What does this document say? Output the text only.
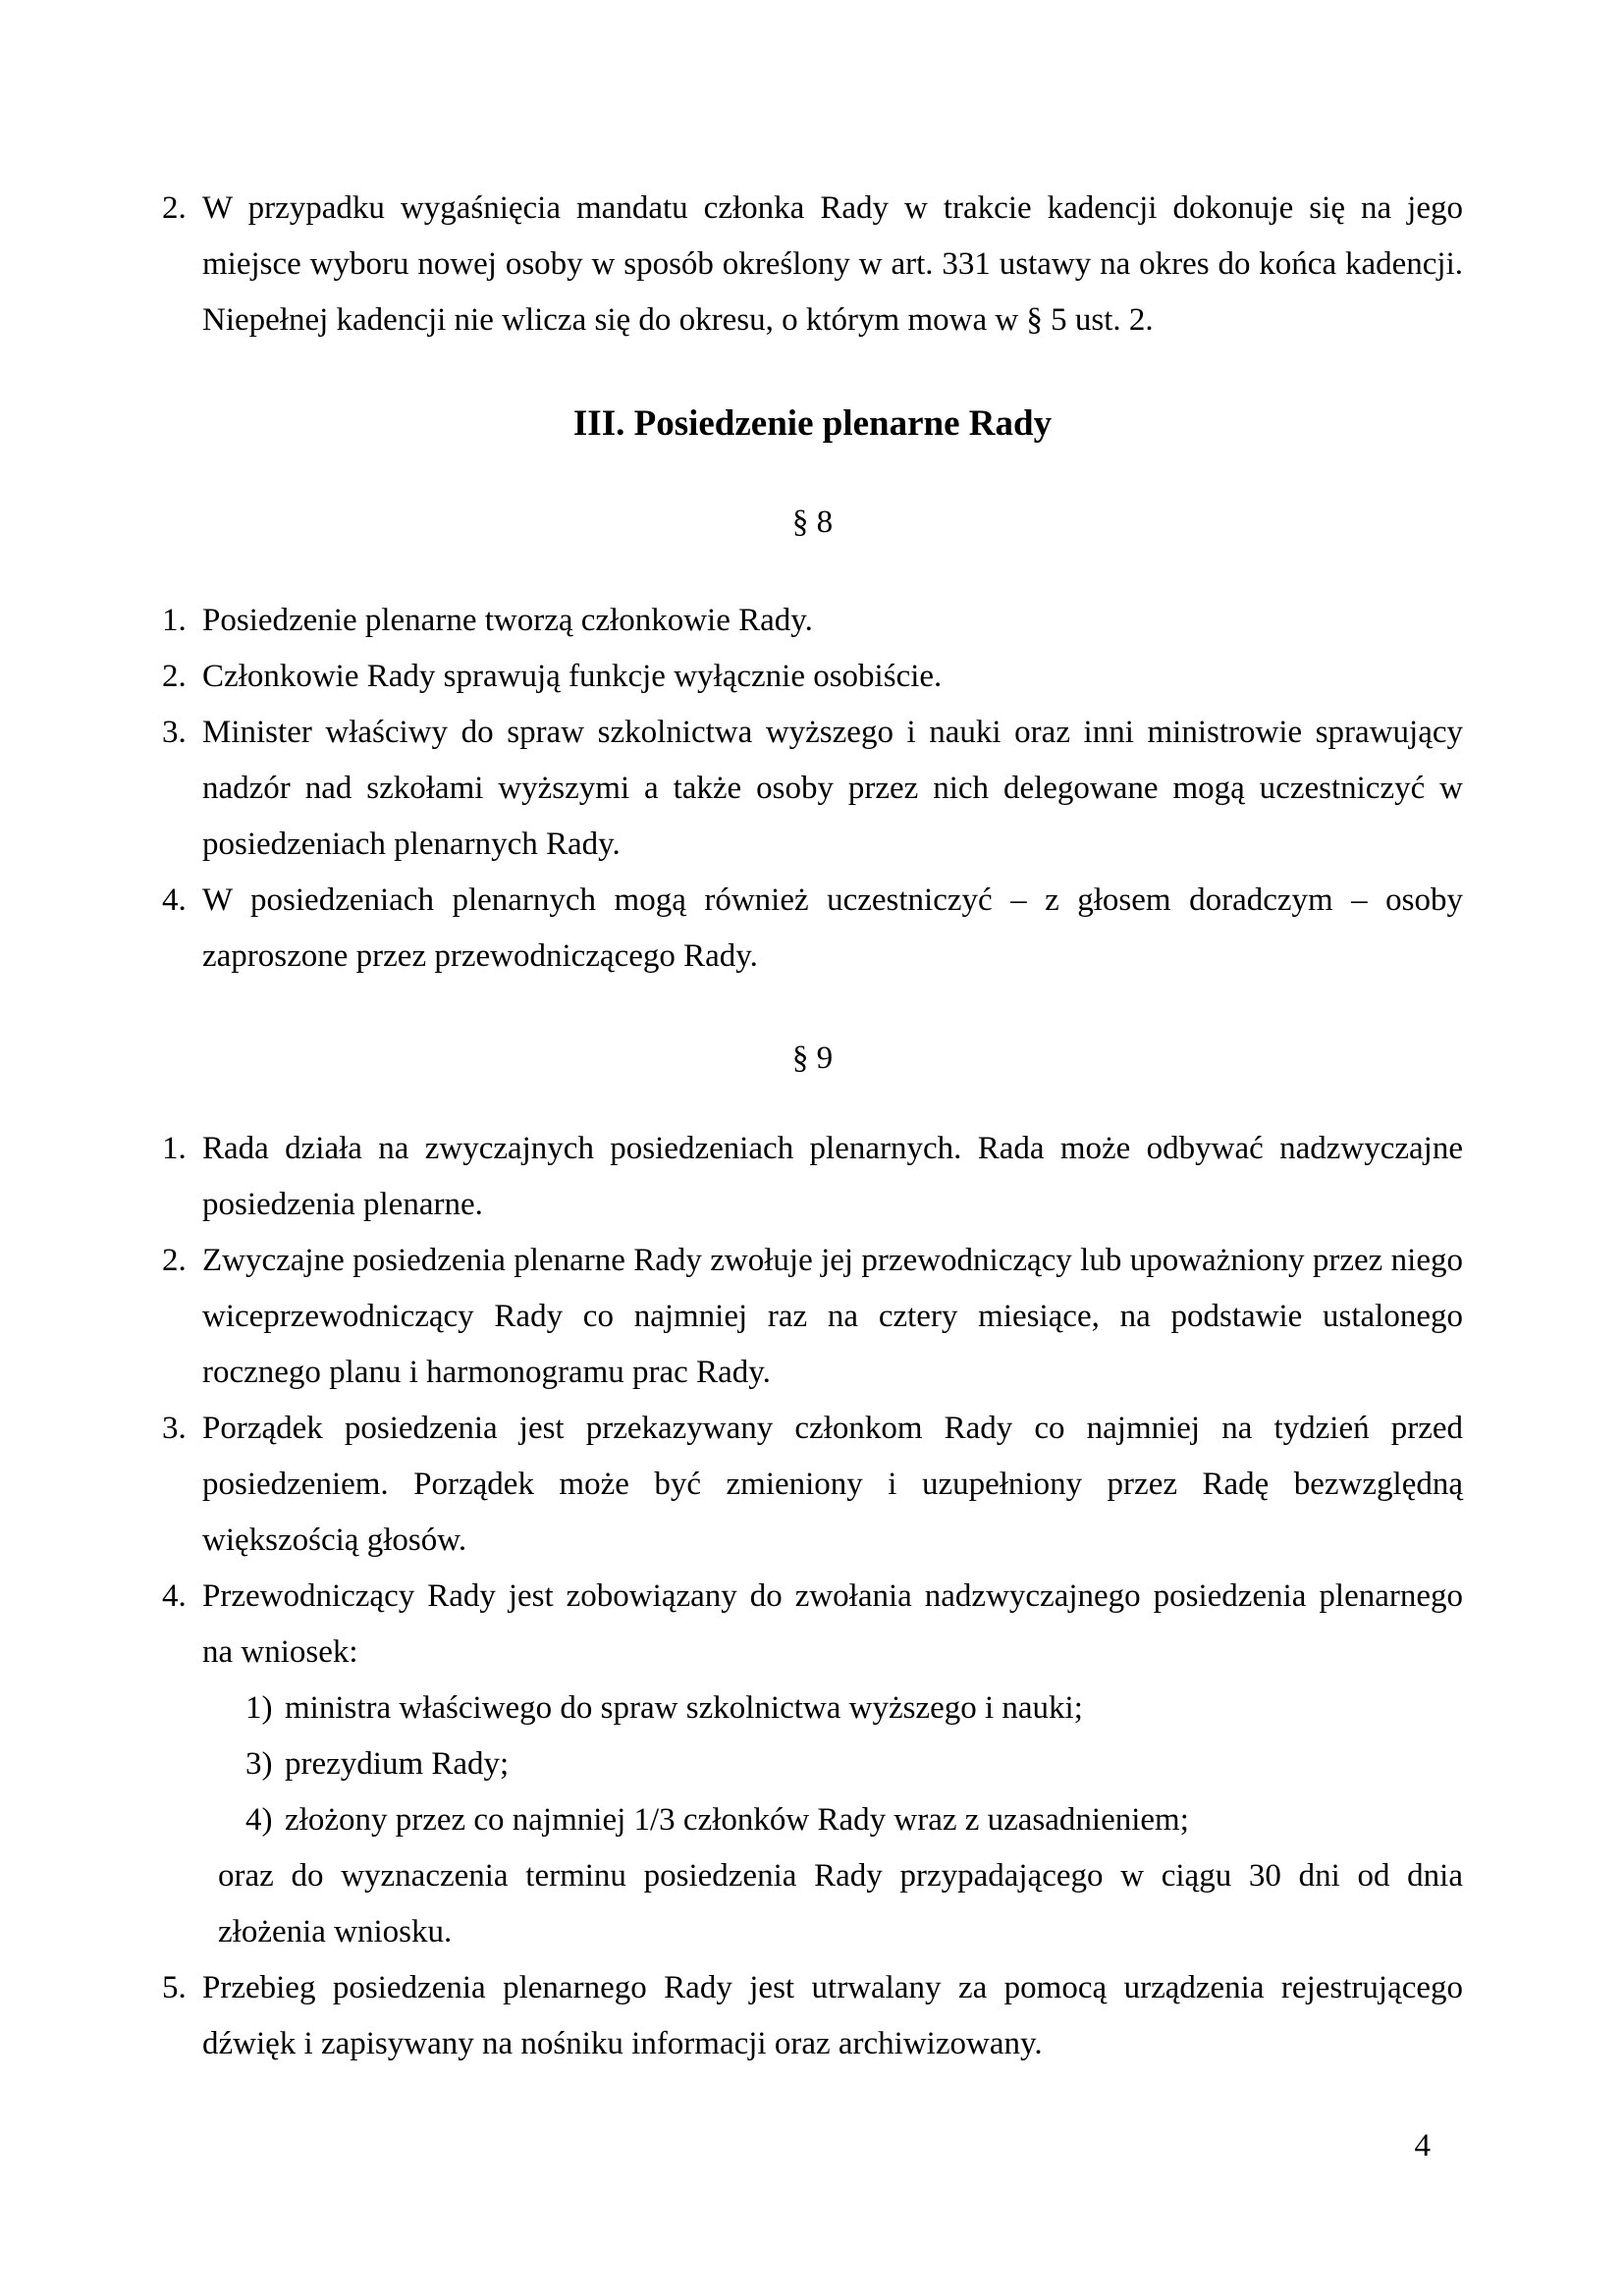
2. W przypadku wygaśnięcia mandatu członka Rady w trakcie kadencji dokonuje się na jego miejsce wyboru nowej osoby w sposób określony w art. 331 ustawy na okres do końca kadencji. Niepełnej kadencji nie wlicza się do okresu, o którym mowa w § 5 ust. 2.
III. Posiedzenie plenarne Rady
§ 8
1. Posiedzenie plenarne tworzą członkowie Rady.
2. Członkowie Rady sprawują funkcje wyłącznie osobiście.
3. Minister właściwy do spraw szkolnictwa wyższego i nauki oraz inni ministrowie sprawujący nadzór nad szkołami wyższymi a także osoby przez nich delegowane mogą uczestniczyć w posiedzeniach plenarnych Rady.
4. W posiedzeniach plenarnych mogą również uczestniczyć – z głosem doradczym – osoby zaproszone przez przewodniczącego Rady.
§ 9
1. Rada działa na zwyczajnych posiedzeniach plenarnych. Rada może odbywać nadzwyczajne posiedzenia plenarne.
2. Zwyczajne posiedzenia plenarne Rady zwołuje jej przewodniczący lub upoważniony przez niego wiceprzewodniczący Rady co najmniej raz na cztery miesiące, na podstawie ustalonego rocznego planu i harmonogramu prac Rady.
3. Porządek posiedzenia jest przekazywany członkom Rady co najmniej na tydzień przed posiedzeniem. Porządek może być zmieniony i uzupełniony przez Radę bezwzględną większością głosów.
4. Przewodniczący Rady jest zobowiązany do zwołania nadzwyczajnego posiedzenia plenarnego na wniosek:
1) ministra właściwego do spraw szkolnictwa wyższego i nauki;
3) prezydium Rady;
4) złożony przez co najmniej 1/3 członków Rady wraz z uzasadnieniem;
oraz do wyznaczenia terminu posiedzenia Rady przypadającego w ciągu 30 dni od dnia złożenia wniosku.
5. Przebieg posiedzenia plenarnego Rady jest utrwalany za pomocą urządzenia rejestrującego dźwięk i zapisywany na nośniku informacji oraz archiwizowany.
4
